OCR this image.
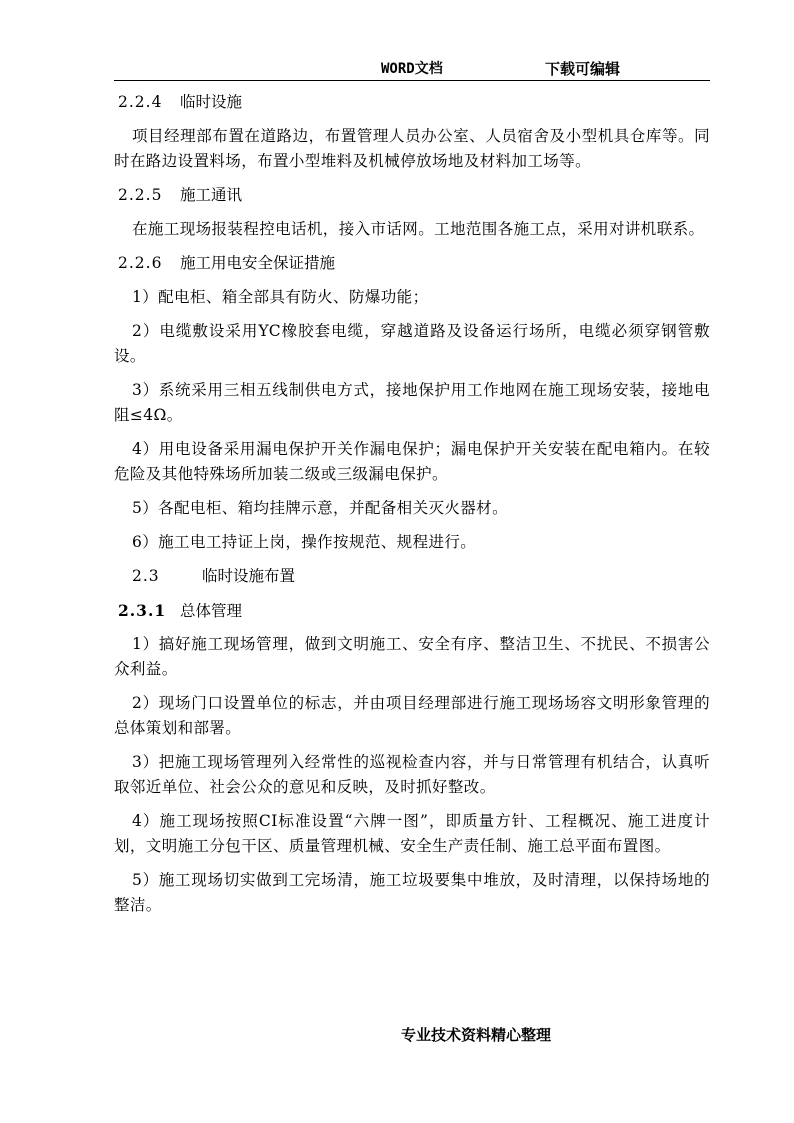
WORD文档	下载可编辑
2.2.4 临时设施

项目经理部布置在道路边，布置管理人员办公室、人员宿舍及小型机具仓库等。同时在路边设置料场，布置小型堆料及机械停放场地及材料加工场等。

2.2.5 施工通讯

在施工现场报装程控电话机，接入市话网。工地范围各施工点，采用对讲机联系。

2.2.6 施工用电安全保证措施

1）配电柜、箱全部具有防火、防爆功能；

2）电缆敷设采用YC橡胶套电缆，穿越道路及设备运行场所，电缆必须穿钢管敷设。

3）系统采用三相五线制供电方式，接地保护用工作地网在施工现场安装，接地电阻≤4Ω。

4）用电设备采用漏电保护开关作漏电保护；漏电保护开关安装在配电箱内。在较危险及其他特殊场所加装二级或三级漏电保护。

5）各配电柜、箱均挂牌示意，并配备相关灭火器材。

6）施工电工持证上岗，操作按规范、规程进行。

2.3	临时设施布置
2.3.1 总体管理

1）搞好施工现场管理，做到文明施工、安全有序、整洁卫生、不扰民、不损害公众利益。

2）现场门口设置单位的标志，并由项目经理部进行施工现场场容文明形象管理的总体策划和部署。

3）把施工现场管理列入经常性的巡视检查内容，并与日常管理有机结合，认真听取邻近单位、社会公众的意见和反映，及时抓好整改。

4）施工现场按照CI标准设置“六牌一图”，即质量方针、工程概况、施工进度计划，文明施工分包干区、质量管理机械、安全生产责任制、施工总平面布置图。

5）施工现场切实做到工完场清，施工垃圾要集中堆放，及时清理，以保持场地的整洁。

专业技术资料精心整理
